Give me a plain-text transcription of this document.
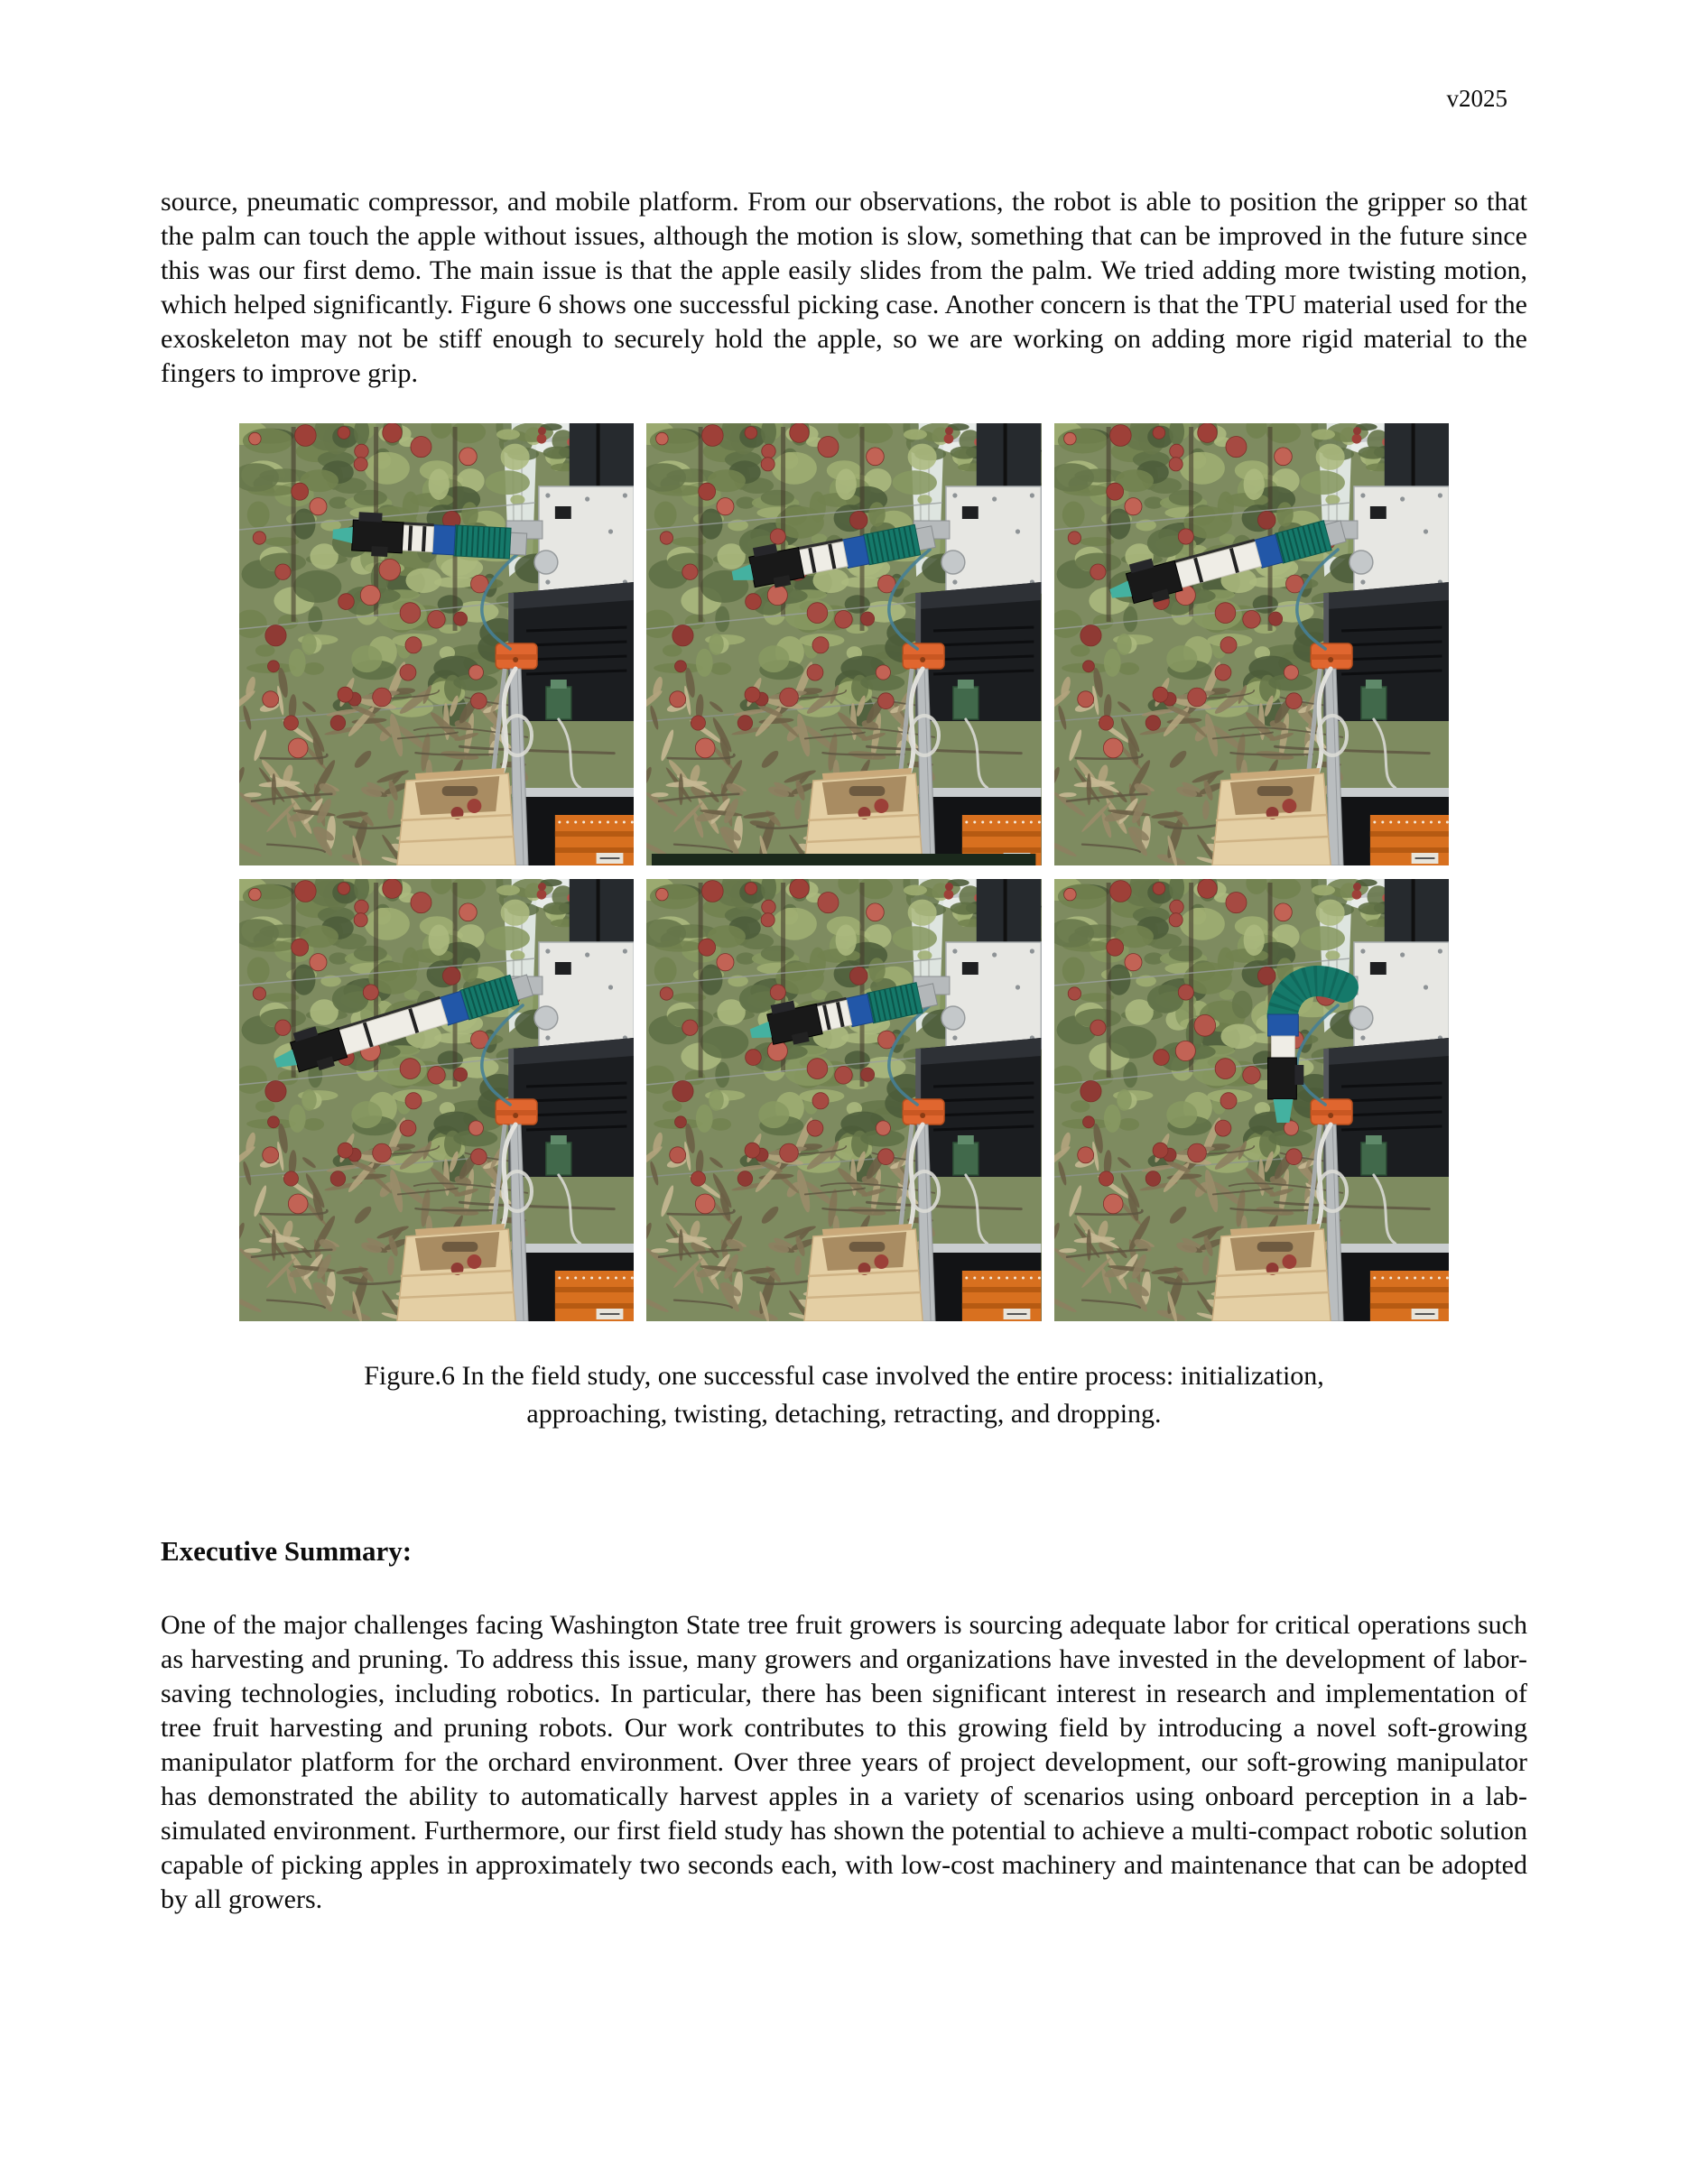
v2025

source, pneumatic compressor, and mobile platform. From our observations, the robot is able to position the gripper so that the palm can touch the apple without issues, although the motion is slow, something that can be improved in the future since this was our first demo. The main issue is that the apple easily slides from the palm. We tried adding more twisting motion, which helped significantly. Figure 6 shows one successful picking case. Another concern is that the TPU material used for the exoskeleton may not be stiff enough to securely hold the apple, so we are working on adding more rigid material to the fingers to improve grip.

Figure.6 In the field study, one successful case involved the entire process: initialization, approaching, twisting, detaching, retracting, and dropping.
Executive Summary:

One of the major challenges facing Washington State tree fruit growers is sourcing adequate labor for critical operations such as harvesting and pruning. To address this issue, many growers and organizations have invested in the development of labor-saving technologies, including robotics. In particular, there has been significant interest in research and implementation of tree fruit harvesting and pruning robots. Our work contributes to this growing field by introducing a novel soft-growing manipulator platform for the orchard environment. Over three years of project development, our soft-growing manipulator has demonstrated the ability to automatically harvest apples in a variety of scenarios using onboard perception in a lab-simulated environment. Furthermore, our first field study has shown the potential to achieve a multi-compact robotic solution capable of picking apples in approximately two seconds each, with low-cost machinery and maintenance that can be adopted by all growers.
